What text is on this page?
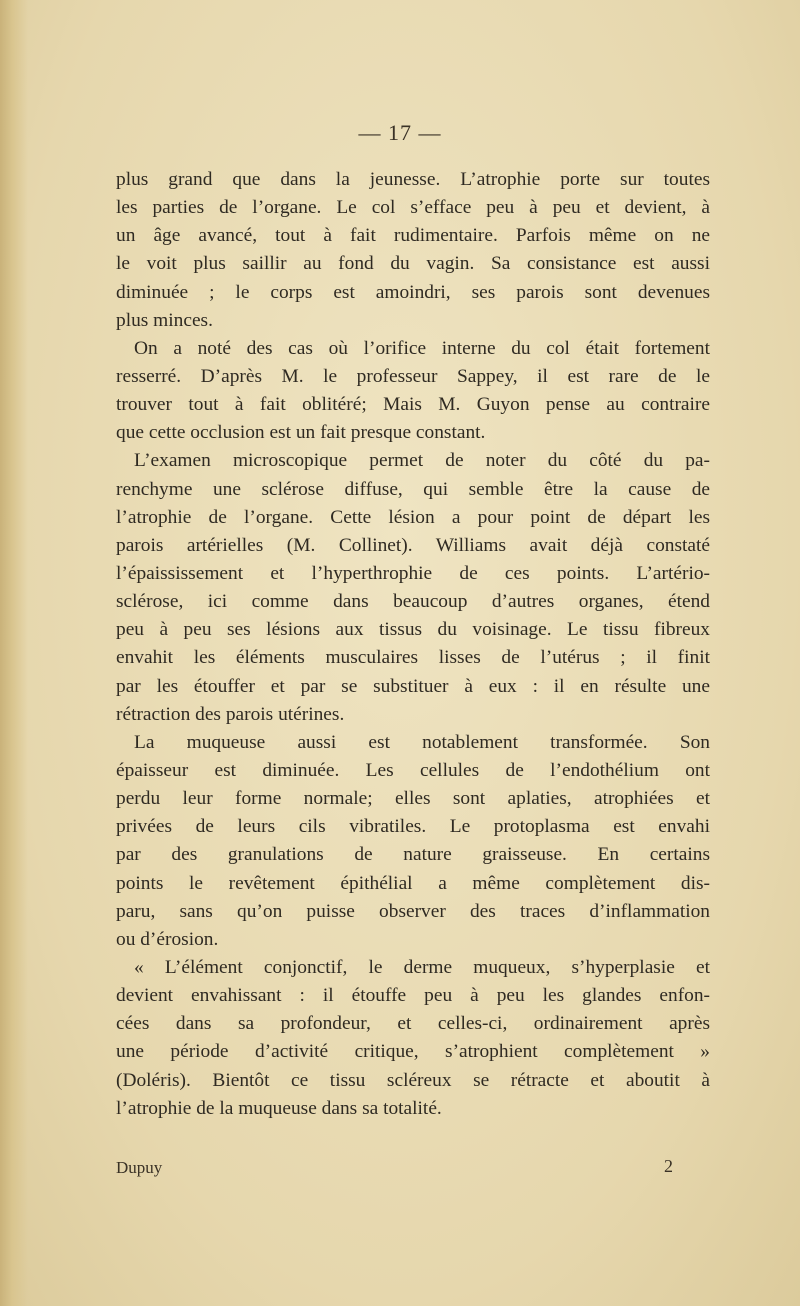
— 17 —
plus grand que dans la jeunesse. L’atrophie porte sur toutes
les parties de l’organe. Le col s’efface peu à peu et devient, à
un âge avancé, tout à fait rudimentaire. Parfois même on ne
le voit plus saillir au fond du vagin. Sa consistance est aussi
diminuée ; le corps est amoindri, ses parois sont devenues
plus minces.
On a noté des cas où l’orifice interne du col était fortement
resserré. D’après M. le professeur Sappey, il est rare de le
trouver tout à fait oblitéré; Mais M. Guyon pense au contraire
que cette occlusion est un fait presque constant.
L’examen microscopique permet de noter du côté du pa-
renchyme une sclérose diffuse, qui semble être la cause de
l’atrophie de l’organe. Cette lésion a pour point de départ les
parois artérielles (M. Collinet). Williams avait déjà constaté
l’épaississement et l’hyperthrophie de ces points. L’artério-
sclérose, ici comme dans beaucoup d’autres organes, étend
peu à peu ses lésions aux tissus du voisinage. Le tissu fibreux
envahit les éléments musculaires lisses de l’utérus ; il finit
par les étouffer et par se substituer à eux : il en résulte une
rétraction des parois utérines.
La muqueuse aussi est notablement transformée. Son
épaisseur est diminuée. Les cellules de l’endothélium ont
perdu leur forme normale; elles sont aplaties, atrophiées et
privées de leurs cils vibratiles. Le protoplasma est envahi
par des granulations de nature graisseuse. En certains
points le revêtement épithélial a même complètement dis-
paru, sans qu’on puisse observer des traces d’inflammation
ou d’érosion.
« L’élément conjonctif, le derme muqueux, s’hyperplasie et
devient envahissant : il étouffe peu à peu les glandes enfon-
cées dans sa profondeur, et celles-ci, ordinairement après
une période d’activité critique, s’atrophient complètement »
(Doléris). Bientôt ce tissu scléreux se rétracte et aboutit à
l’atrophie de la muqueuse dans sa totalité.
Dupuy	2
